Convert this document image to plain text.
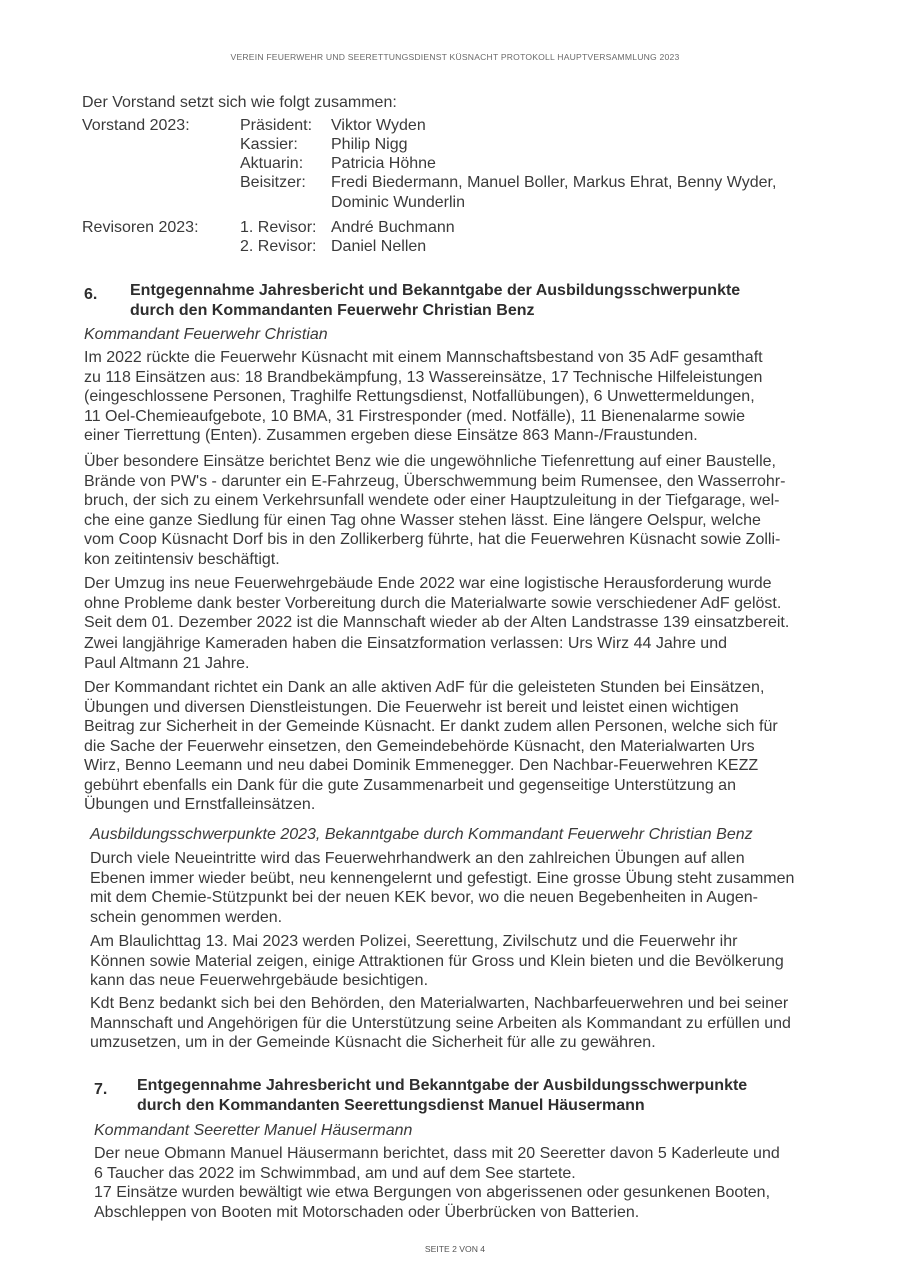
VEREIN FEUERWEHR UND SEERETTUNGSDIENST KÜSNACHT PROTOKOLL HAUPTVERSAMMLUNG 2023
Der Vorstand setzt sich wie folgt zusammen:
Vorstand 2023:	Präsident: Viktor Wyden
Kassier: Philip Nigg
Aktuarin: Patricia Höhne
Beisitzer: Fredi Biedermann, Manuel Boller, Markus Ehrat, Benny Wyder,
Dominic Wunderlin
Revisoren 2023:	1. Revisor: André Buchmann
2. Revisor: Daniel Nellen
6. Entgegennahme Jahresbericht und Bekanntgabe der Ausbildungsschwerpunkte
durch den Kommandanten Feuerwehr Christian Benz
Kommandant Feuerwehr Christian
Im 2022 rückte die Feuerwehr Küsnacht mit einem Mannschaftsbestand von 35 AdF gesamthaft
zu 118 Einsätzen aus: 18 Brandbekämpfung, 13 Wassereinsätze, 17 Technische Hilfeleistungen
(eingeschlossene Personen, Traghilfe Rettungsdienst, Notfallübungen), 6 Unwettermeldungen,
11 Oel-Chemieaufgebote, 10 BMA, 31 Firstresponder (med. Notfälle), 11 Bienenalarme sowie
einer Tierrettung (Enten). Zusammen ergeben diese Einsätze 863 Mann-/Fraustunden.
Über besondere Einsätze berichtet Benz wie die ungewöhnliche Tiefenrettung auf einer Baustelle,
Brände von PW's - darunter ein E-Fahrzeug, Überschwemmung beim Rumensee, den Wasserrohr-
bruch, der sich zu einem Verkehrsunfall wendete oder einer Hauptzuleitung in der Tiefgarage, wel-
che eine ganze Siedlung für einen Tag ohne Wasser stehen lässt. Eine längere Oelspur, welche
vom Coop Küsnacht Dorf bis in den Zollikerberg führte, hat die Feuerwehren Küsnacht sowie Zolli-
kon zeitintensiv beschäftigt.
Der Umzug ins neue Feuerwehrgebäude Ende 2022 war eine logistische Herausforderung wurde
ohne Probleme dank bester Vorbereitung durch die Materialwarte sowie verschiedener AdF gelöst.
Seit dem 01. Dezember 2022 ist die Mannschaft wieder ab der Alten Landstrasse 139 einsatzbereit.
Zwei langjährige Kameraden haben die Einsatzformation verlassen: Urs Wirz 44 Jahre und
Paul Altmann 21 Jahre.
Der Kommandant richtet ein Dank an alle aktiven AdF für die geleisteten Stunden bei Einsätzen,
Übungen und diversen Dienstleistungen. Die Feuerwehr ist bereit und leistet einen wichtigen
Beitrag zur Sicherheit in der Gemeinde Küsnacht. Er dankt zudem allen Personen, welche sich für
die Sache der Feuerwehr einsetzen, den Gemeindebehörde Küsnacht, den Materialwarten Urs
Wirz, Benno Leemann und neu dabei Dominik Emmenegger. Den Nachbar-Feuerwehren KEZZ
gebührt ebenfalls ein Dank für die gute Zusammenarbeit und gegenseitige Unterstützung an
Übungen und Ernstfalleinsätzen.
Ausbildungsschwerpunkte 2023, Bekanntgabe durch Kommandant Feuerwehr Christian Benz
Durch viele Neueintritte wird das Feuerwehrhandwerk an den zahlreichen Übungen auf allen
Ebenen immer wieder beübt, neu kennengelernt und gefestigt. Eine grosse Übung steht zusammen
mit dem Chemie-Stützpunkt bei der neuen KEK bevor, wo die neuen Begebenheiten in Augen-
schein genommen werden.
Am Blaulichttag 13. Mai 2023 werden Polizei, Seerettung, Zivilschutz und die Feuerwehr ihr
Können sowie Material zeigen, einige Attraktionen für Gross und Klein bieten und die Bevölkerung
kann das neue Feuerwehrgebäude besichtigen.
Kdt Benz bedankt sich bei den Behörden, den Materialwarten, Nachbarfeuerwehren und bei seiner
Mannschaft und Angehörigen für die Unterstützung seine Arbeiten als Kommandant zu erfüllen und
umzusetzen, um in der Gemeinde Küsnacht die Sicherheit für alle zu gewähren.
7. Entgegennahme Jahresbericht und Bekanntgabe der Ausbildungsschwerpunkte
durch den Kommandanten Seerettungsdienst Manuel Häusermann
Kommandant Seeretter Manuel Häusermann
Der neue Obmann Manuel Häusermann berichtet, dass mit 20 Seeretter davon 5 Kaderleute und
6 Taucher das 2022 im Schwimmbad, am und auf dem See startete.
17 Einsätze wurden bewältigt wie etwa Bergungen von abgerissenen oder gesunkenen Booten,
Abschleppen von Booten mit Motorschaden oder Überbrücken von Batterien.
SEITE 2 VON 4
